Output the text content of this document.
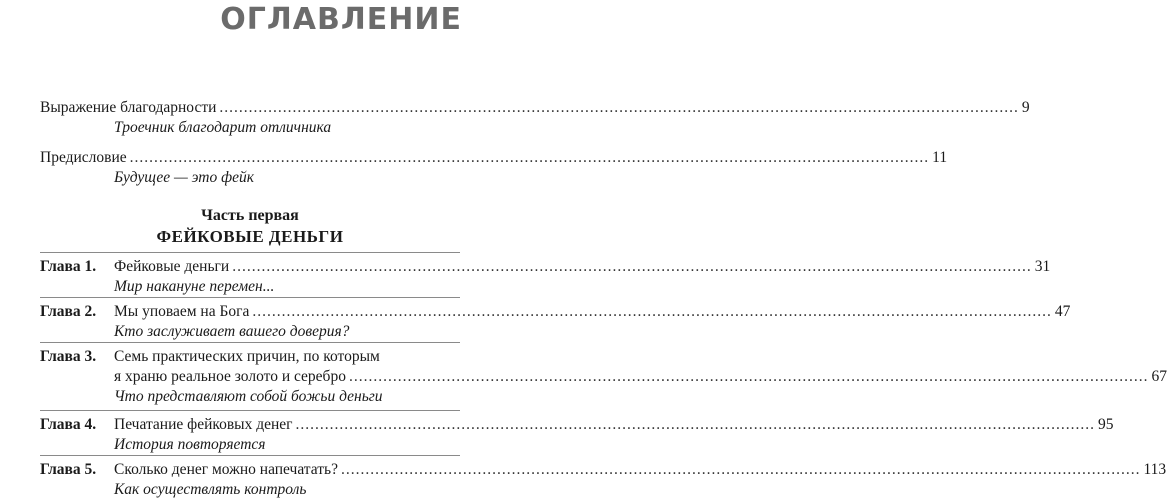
ОГЛАВЛЕНИЕ
Выражение благодарности .....	9
Троечник благодарит отличника
Предисловие .....	11
Будущее — это фейк
Часть первая
ФЕЙКОВЫЕ ДЕНЬГИ
Глава 1.	Фейковые деньги .....	31
Мир накануне перемен...
Глава 2.	Мы уповаем на Бога .....	47
Кто заслуживает вашего доверия?
Глава 3.	Семь практических причин, по которым
я храню реальное золото и серебро .....	67
Что представляют собой божьи деньги
Глава 4.	Печатание фейковых денег .....	95
История повторяется
Глава 5.	Сколько денег можно напечатать? .....	113
Как осуществлять контроль
